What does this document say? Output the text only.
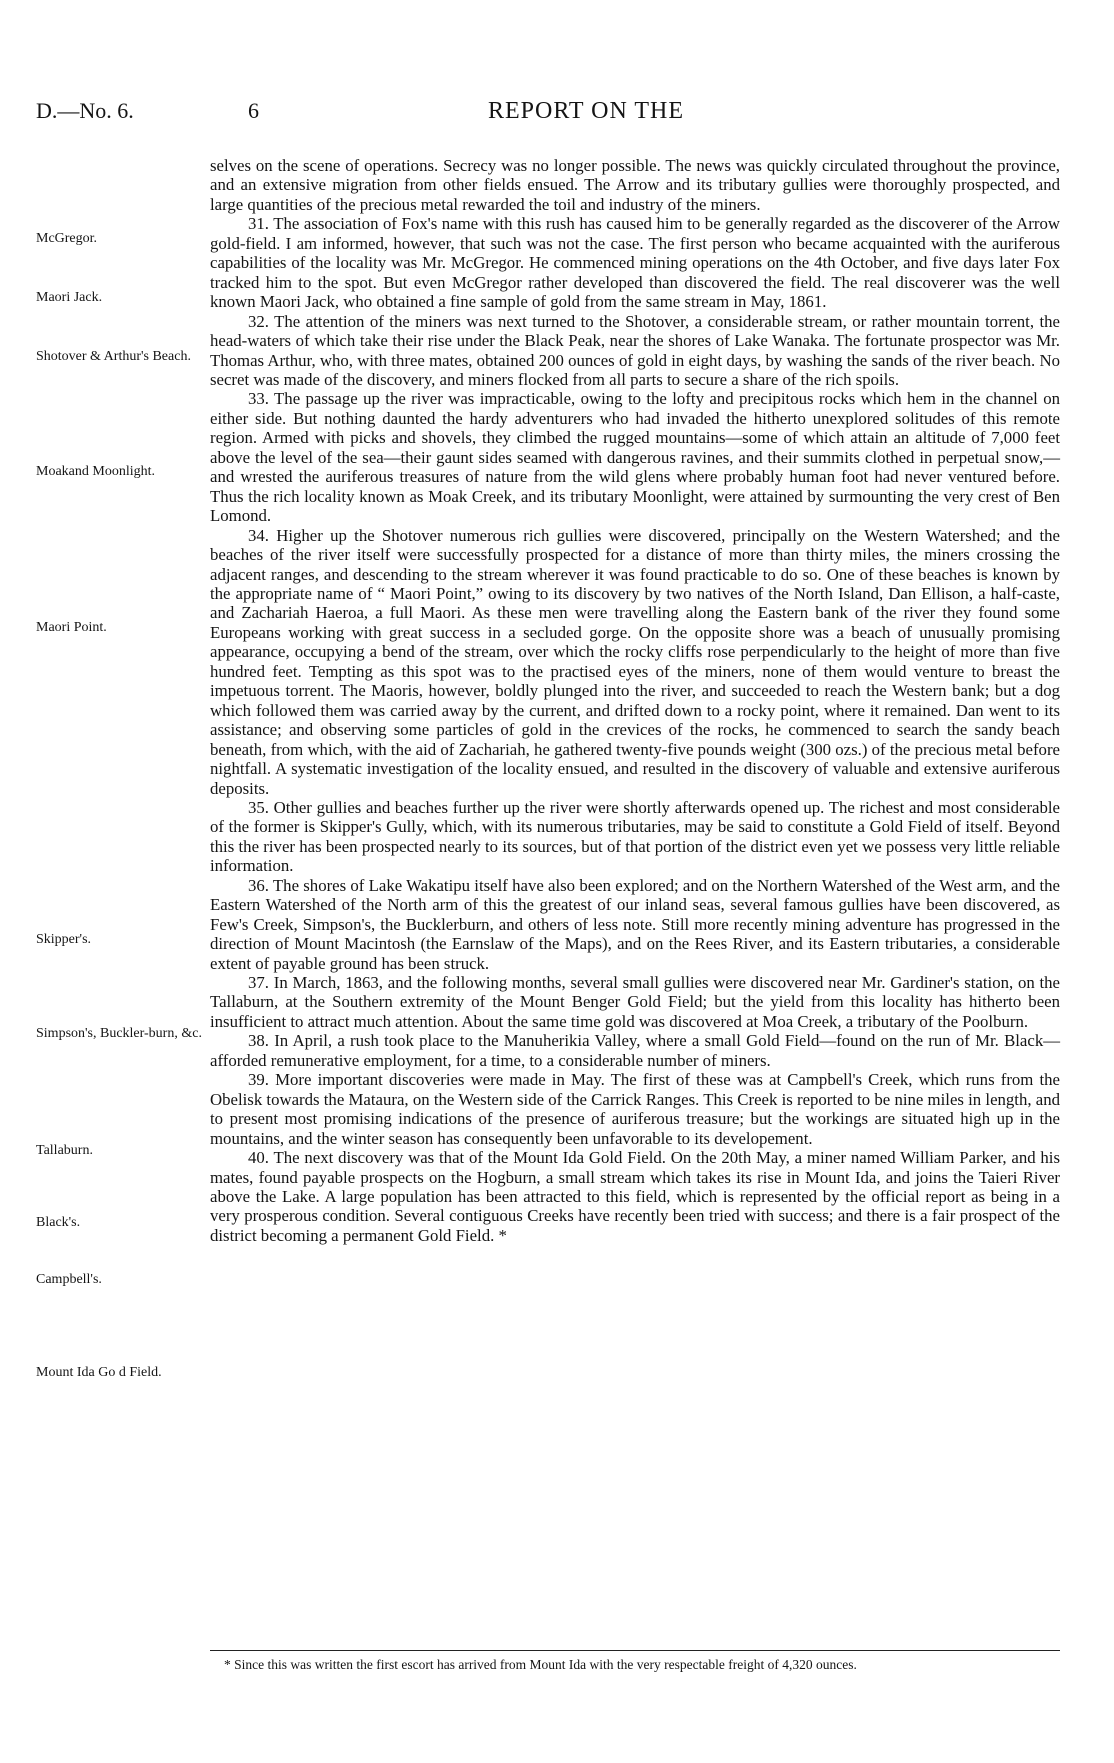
D.—No. 6.	6	REPORT ON THE
McGregor.
Maori Jack.
Shotover & Arthur's Beach.
Moakand Moonlight.
Maori Point.
Skipper's.
Simpson's, Buckler-burn, &c.
Tallaburn.
Black's.
Campbell's.
Mount Ida Go d Field.

selves on the scene of operations. Secrecy was no longer possible. The news was quickly circulated throughout the province, and an extensive migration from other fields ensued. The Arrow and its tributary gullies were thoroughly prospected, and large quantities of the precious metal rewarded the toil and industry of the miners.

31. The association of Fox's name with this rush has caused him to be generally regarded as the discoverer of the Arrow gold-field. I am informed, however, that such was not the case. The first person who became acquainted with the auriferous capabilities of the locality was Mr. McGregor. He commenced mining operations on the 4th October, and five days later Fox tracked him to the spot. But even McGregor rather developed than discovered the field. The real discoverer was the well known Maori Jack, who obtained a fine sample of gold from the same stream in May, 1861.

32. The attention of the miners was next turned to the Shotover, a considerable stream, or rather mountain torrent, the head-waters of which take their rise under the Black Peak, near the shores of Lake Wanaka. The fortunate prospector was Mr. Thomas Arthur, who, with three mates, obtained 200 ounces of gold in eight days, by washing the sands of the river beach. No secret was made of the discovery, and miners flocked from all parts to secure a share of the rich spoils.

33. The passage up the river was impracticable, owing to the lofty and precipitous rocks which hem in the channel on either side. But nothing daunted the hardy adventurers who had invaded the hitherto unexplored solitudes of this remote region. Armed with picks and shovels, they climbed the rugged mountains—some of which attain an altitude of 7,000 feet above the level of the sea—their gaunt sides seamed with dangerous ravines, and their summits clothed in perpetual snow,—and wrested the auriferous treasures of nature from the wild glens where probably human foot had never ventured before. Thus the rich locality known as Moak Creek, and its tributary Moonlight, were attained by surmounting the very crest of Ben Lomond.

34. Higher up the Shotover numerous rich gullies were discovered, principally on the Western Watershed; and the beaches of the river itself were successfully prospected for a distance of more than thirty miles, the miners crossing the adjacent ranges, and descending to the stream wherever it was found practicable to do so. One of these beaches is known by the appropriate name of “ Maori Point,” owing to its discovery by two natives of the North Island, Dan Ellison, a half-caste, and Zachariah Haeroa, a full Maori. As these men were travelling along the Eastern bank of the river they found some Europeans working with great success in a secluded gorge. On the opposite shore was a beach of unusually promising appearance, occupying a bend of the stream, over which the rocky cliffs rose perpendicularly to the height of more than five hundred feet. Tempting as this spot was to the practised eyes of the miners, none of them would venture to breast the impetuous torrent. The Maoris, however, boldly plunged into the river, and succeeded to reach the Western bank; but a dog which followed them was carried away by the current, and drifted down to a rocky point, where it remained. Dan went to its assistance; and observing some particles of gold in the crevices of the rocks, he commenced to search the sandy beach beneath, from which, with the aid of Zachariah, he gathered twenty-five pounds weight (300 ozs.) of the precious metal before nightfall. A systematic investigation of the locality ensued, and resulted in the discovery of valuable and extensive auriferous deposits.

35. Other gullies and beaches further up the river were shortly afterwards opened up. The richest and most considerable of the former is Skipper's Gully, which, with its numerous tributaries, may be said to constitute a Gold Field of itself. Beyond this the river has been prospected nearly to its sources, but of that portion of the district even yet we possess very little reliable information.

36. The shores of Lake Wakatipu itself have also been explored; and on the Northern Watershed of the West arm, and the Eastern Watershed of the North arm of this the greatest of our inland seas, several famous gullies have been discovered, as Few's Creek, Simpson's, the Bucklerburn, and others of less note. Still more recently mining adventure has progressed in the direction of Mount Macintosh (the Earnslaw of the Maps), and on the Rees River, and its Eastern tributaries, a considerable extent of payable ground has been struck.

37. In March, 1863, and the following months, several small gullies were discovered near Mr. Gardiner's station, on the Tallaburn, at the Southern extremity of the Mount Benger Gold Field; but the yield from this locality has hitherto been insufficient to attract much attention. About the same time gold was discovered at Moa Creek, a tributary of the Poolburn.

38. In April, a rush took place to the Manuherikia Valley, where a small Gold Field—found on the run of Mr. Black—afforded remunerative employment, for a time, to a considerable number of miners.

39. More important discoveries were made in May. The first of these was at Campbell's Creek, which runs from the Obelisk towards the Mataura, on the Western side of the Carrick Ranges. This Creek is reported to be nine miles in length, and to present most promising indications of the presence of auriferous treasure; but the workings are situated high up in the mountains, and the winter season has consequently been unfavorable to its developement.

40. The next discovery was that of the Mount Ida Gold Field. On the 20th May, a miner named William Parker, and his mates, found payable prospects on the Hogburn, a small stream which takes its rise in Mount Ida, and joins the Taieri River above the Lake. A large population has been attracted to this field, which is represented by the official report as being in a very prosperous condition. Several contiguous Creeks have recently been tried with success; and there is a fair prospect of the district becoming a permanent Gold Field. *

* Since this was written the first escort has arrived from Mount Ida with the very respectable freight of 4,320 ounces.
